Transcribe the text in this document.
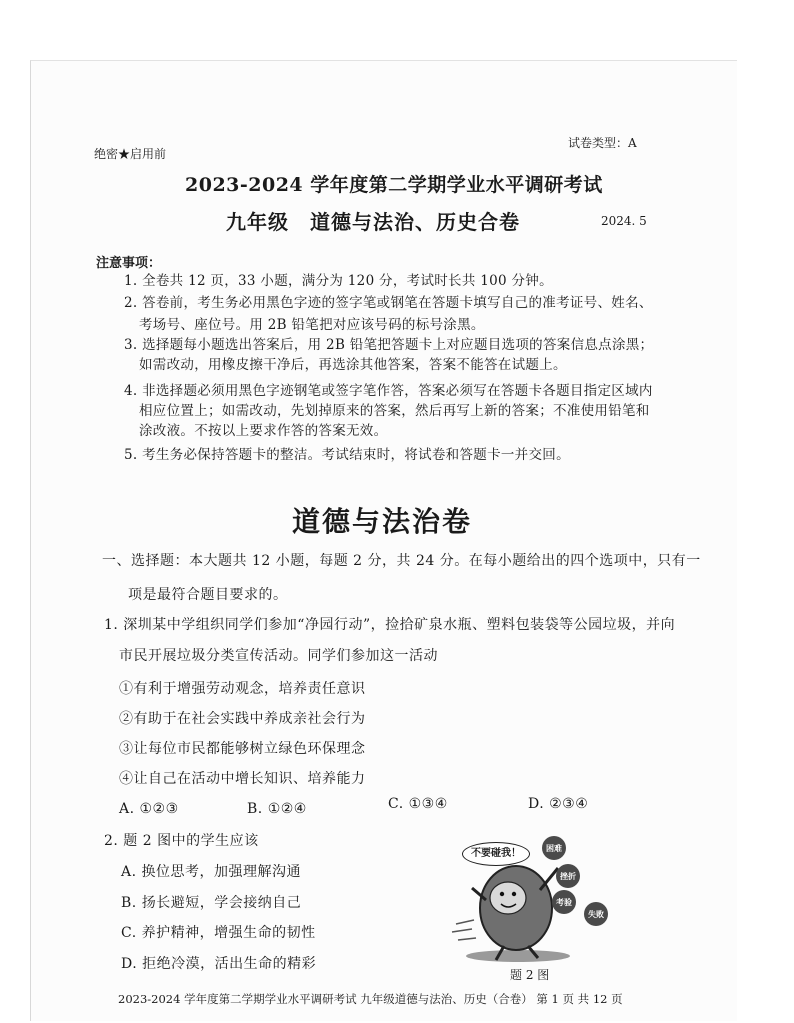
绝密★启用前
试卷类型：A
2023-2024 学年度第二学期学业水平调研考试
九年级　道德与法治、历史合卷	2024. 5
注意事项：
1. 全卷共 12 页，33 小题，满分为 120 分，考试时长共 100 分钟。
2. 答卷前，考生务必用黑色字迹的签字笔或钢笔在答题卡填写自己的准考证号、姓名、
考场号、座位号。用 2B 铅笔把对应该号码的标号涂黑。
3. 选择题每小题选出答案后，用 2B 铅笔把答题卡上对应题目选项的答案信息点涂黑；
如需改动，用橡皮擦干净后，再选涂其他答案，答案不能答在试题上。
4. 非选择题必须用黑色字迹钢笔或签字笔作答，答案必须写在答题卡各题目指定区域内
相应位置上；如需改动，先划掉原来的答案，然后再写上新的答案；不准使用铅笔和
涂改液。不按以上要求作答的答案无效。
5. 考生务必保持答题卡的整洁。考试结束时，将试卷和答题卡一并交回。
道德与法治卷
一、选择题：本大题共 12 小题，每题 2 分，共 24 分。在每小题给出的四个选项中，只有一
项是最符合题目要求的。
1. 深圳某中学组织同学们参加“净园行动”，捡拾矿泉水瓶、塑料包装袋等公园垃圾，并向
市民开展垃圾分类宣传活动。同学们参加这一活动
①有利于增强劳动观念，培养责任意识
②有助于在社会实践中养成亲社会行为
③让每位市民都能够树立绿色环保理念
④让自己在活动中增长知识、培养能力
A. ①②③	B. ①②④	C. ①③④	D. ②③④
2. 题 2 图中的学生应该
A. 换位思考，加强理解沟通
B. 扬长避短，学会接纳自己
C. 养护精神，增强生命的韧性
D. 拒绝冷漠，活出生命的精彩
困难
挫折
考验
失败
不要碰我！
题 2 图
2023-2024 学年度第二学期学业水平调研考试 九年级道德与法治、历史（合卷） 第 1 页 共 12 页
